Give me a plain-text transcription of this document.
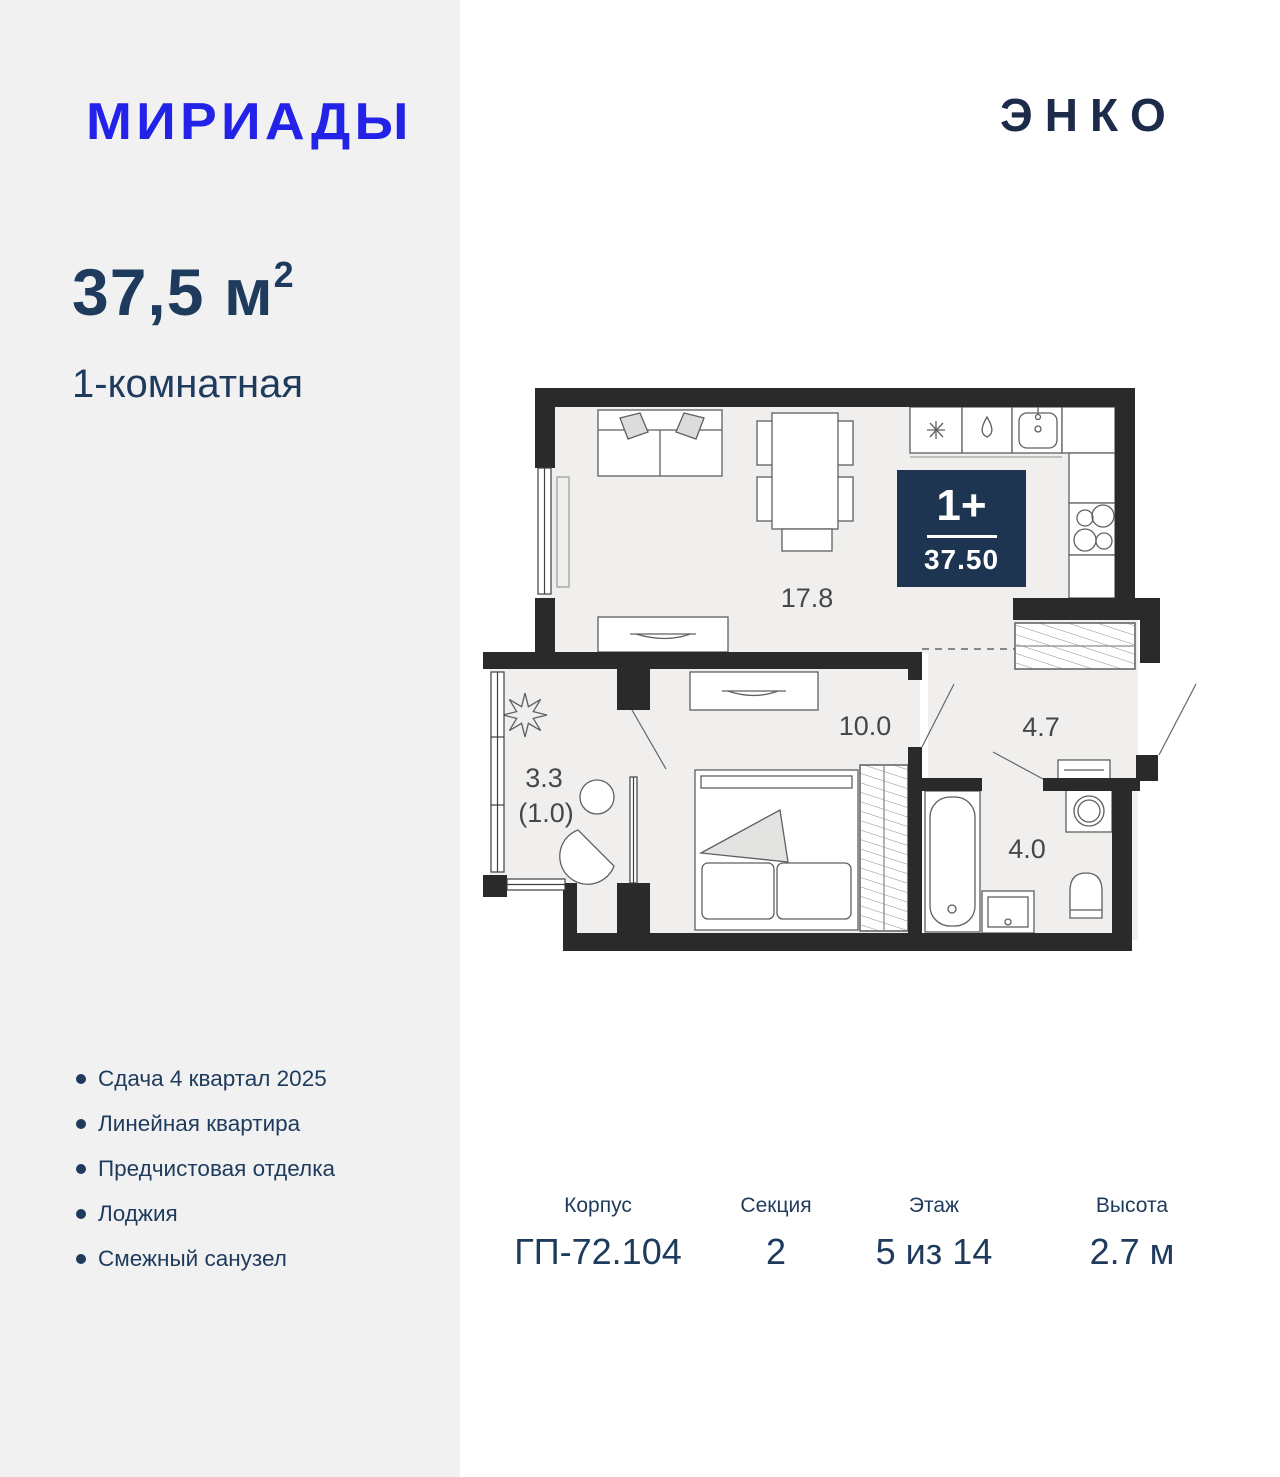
МИРИАДЫ	ЭНКО
37,5 $м^2$
1-комнатная
Сдача 4 квартал 2025
Линейная квартира
Предчистовая отделка
Лоджия
Смежный санузел
17.8
10.0	4.7
4.0
3.3
(1.0)
1+
37.50
Корпус
ГП-72.104
Секция
2
Этаж
5 из 14
Высота
2.7 м
